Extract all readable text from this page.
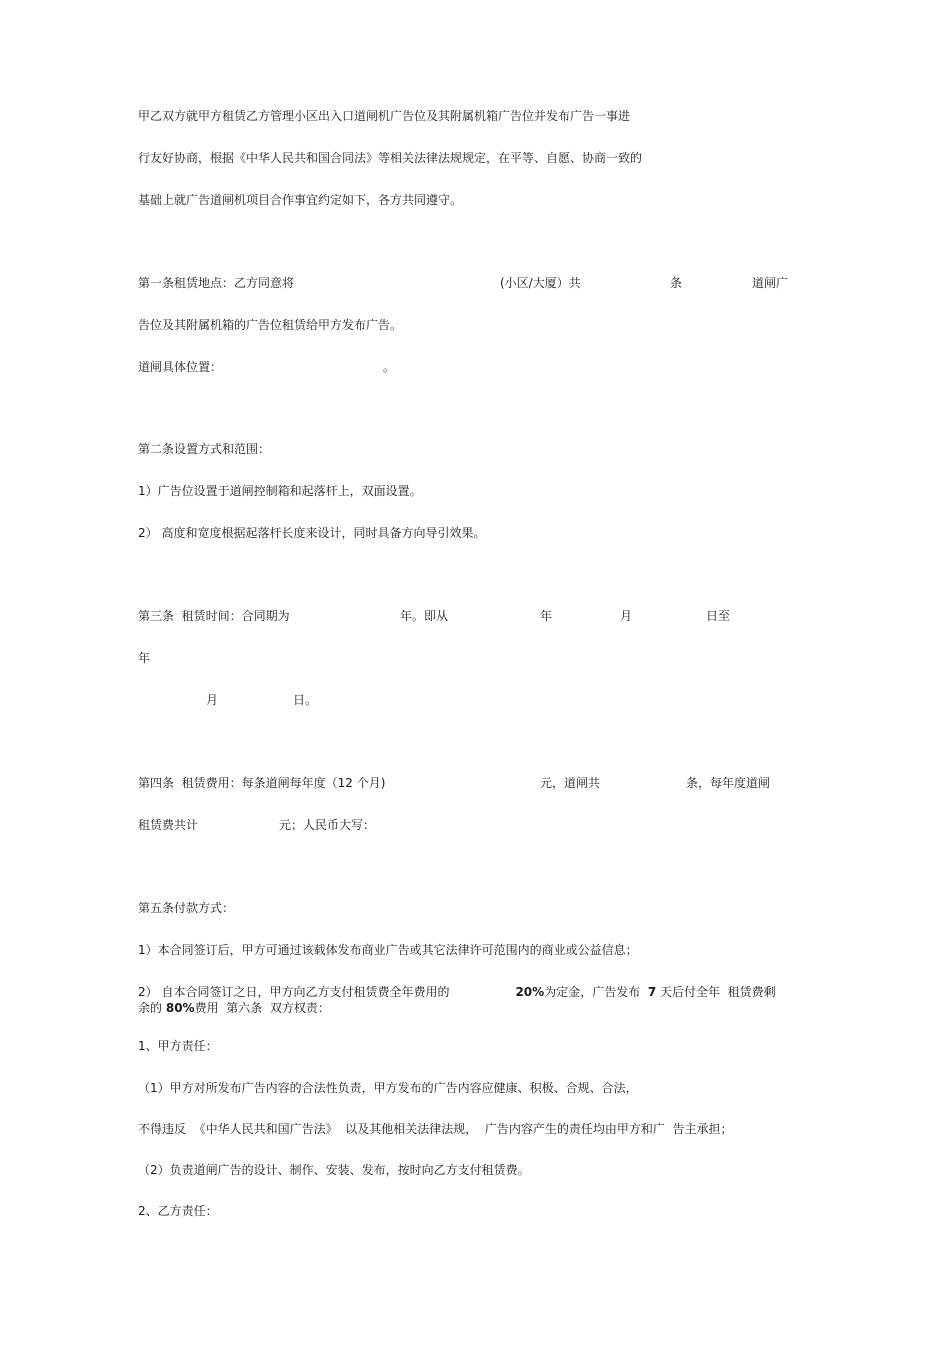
甲乙双方就甲方租赁乙方管理小区出入口道闸机广告位及其附属机箱广告位并发布广告一事进
行友好协商，根据《中华人民共和国合同法》等相关法律法规规定，在平等、自愿、协商一致的
基础上就广告道闸机项目合作事宜约定如下，各方共同遵守。
第一条租赁地点：乙方同意将	(小区/大厦）共	条	道闸广
告位及其附属机箱的广告位租赁给甲方发布广告。
道闸具体位置：	。
第二条设置方式和范围：
1）广告位设置于道闸控制箱和起落杆上，双面设置。
2） 高度和宽度根据起落杆长度来设计，同时具备方向导引效果。
第三条  租赁时间：合同期为	年。即从	年	月	日至
年
月	日。
第四条  租赁费用：每条道闸每年度（12 个月)	元，道闸共	条，每年度道闸
租赁费共计	元；人民币大写：
第五条付款方式：
1）本合同签订后，甲方可通过该载体发布商业广告或其它法律许可范围内的商业或公益信息；
2） 自本合同签订之日，甲方向乙方支付租赁费全年费用的	20%为定金，广告发布 7 天后付全年  租赁费剩
余的 80%费用  第六条  双方权责：
1、甲方责任：
（1）甲方对所发布广告内容的合法性负责，甲方发布的广告内容应健康、积极、合规、合法，
不得违反  《中华人民共和国广告法》  以及其他相关法律法规，  广告内容产生的责任均由甲方和广  告主承担；
（2）负责道闸广告的设计、制作、安装、发布，按时向乙方支付租赁费。
2、乙方责任：
